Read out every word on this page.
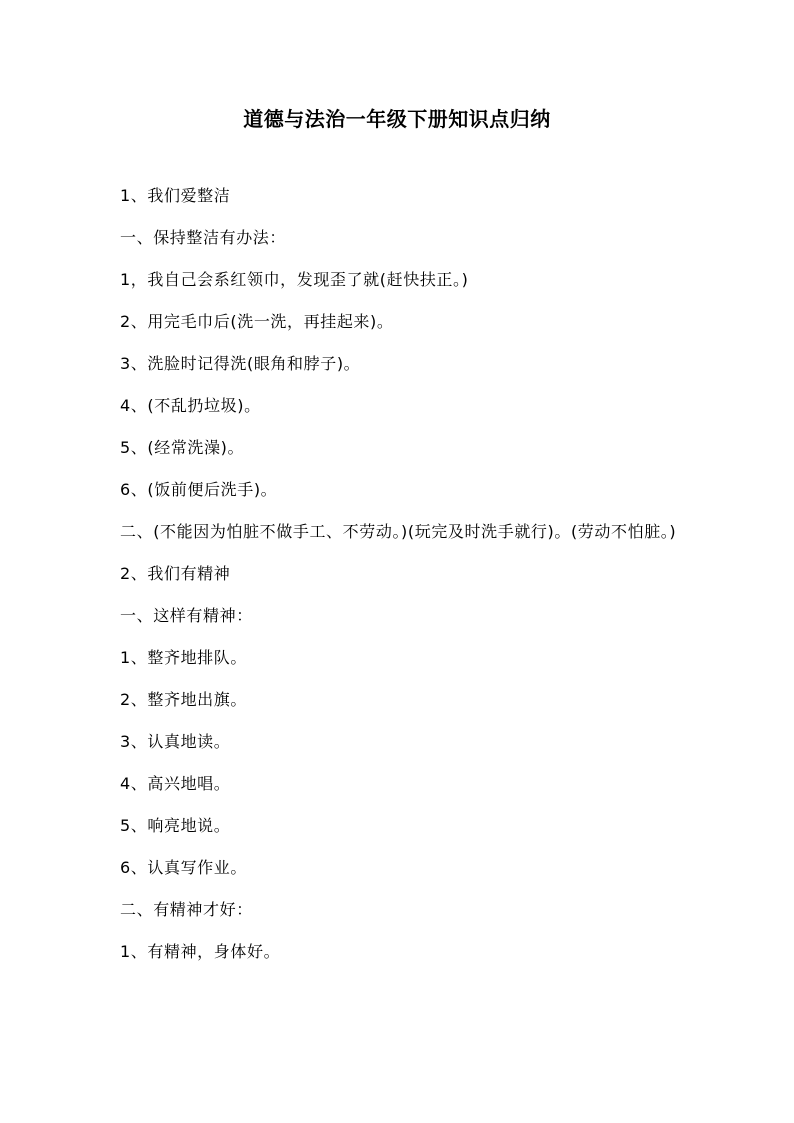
道德与法治一年级下册知识点归纳

1、我们爱整洁

一、保持整洁有办法：

1，我自己会系红领巾，发现歪了就(赶快扶正。)

2、用完毛巾后(洗一洗，再挂起来)。

3、洗脸时记得洗(眼角和脖子)。

4、(不乱扔垃圾)。

5、(经常洗澡)。

6、(饭前便后洗手)。

二、(不能因为怕脏不做手工、不劳动。)(玩完及时洗手就行)。(劳动不怕脏。)

2、我们有精神

一、这样有精神：

1、整齐地排队。

2、整齐地出旗。

3、认真地读。

4、高兴地唱。

5、响亮地说。

6、认真写作业。

二、有精神才好：

1、有精神，身体好。
